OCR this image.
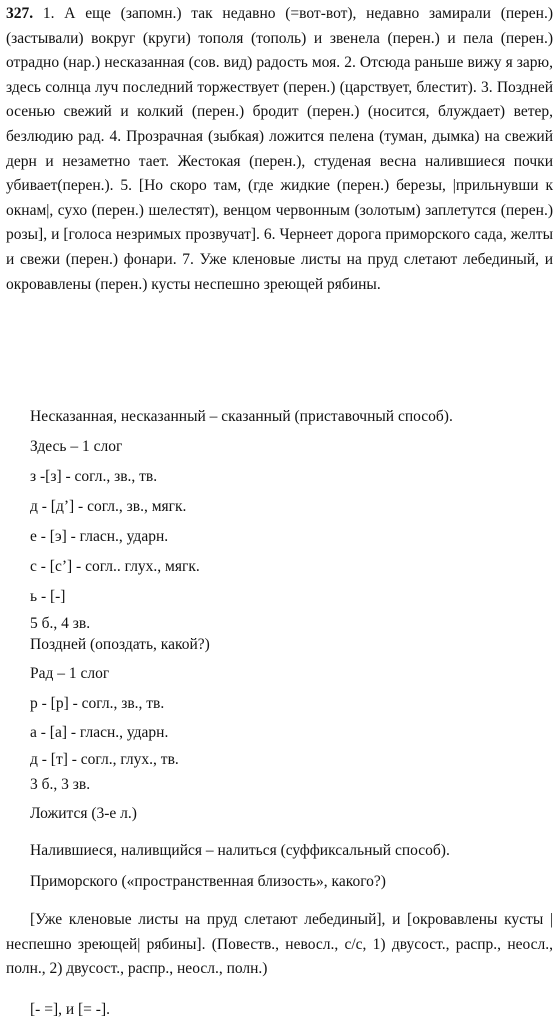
327. 1. А еще (запомн.) так недавно (=вот-вот), недавно замирали (перен.) (застывали) вокруг (круги) тополя (тополь) и звенела (перен.) и пела (перен.) отрадно (нар.) несказанная (сов. вид) радость моя. 2. Отсюда раньше вижу я зарю, здесь солнца луч последний торжествует (перен.) (царствует, блестит). 3. Поздней осенью свежий и колкий (перен.) бродит (перен.) (носится, блуждает) ветер, безлюдию рад. 4. Прозрачная (зыбкая) ложится пелена (туман, дымка) на свежий дерн и незаметно тает. Жестокая (перен.), студеная весна налившиеся почки убивает(перен.). 5. [Но скоро там, (где жидкие (перен.) березы, |прильнувши к окнам|, сухо (перен.) шелестят), венцом червонным (золотым) заплетутся (перен.) розы], и [голоса незримых прозвучат]. 6. Чернеет дорога приморского сада, желты и свежи (перен.) фонари. 7. Уже кленовые листы на пруд слетают лебединый, и окровавлены (перен.) кусты неспешно зреющей рябины.

Несказанная, несказанный – сказанный (приставочный способ).
Здесь – 1 слог
з -[з] - согл., зв., тв.
д - [д’] - согл., зв., мягк.
е - [э] - гласн., ударн.
с - [с’] - согл.. глух., мягк.
ь - [-]
5 б., 4 зв.
Поздней (опоздать, какой?)
Рад – 1 слог
р - [р] - согл., зв., тв.
а - [а] - гласн., ударн.
д - [т] - согл., глух., тв.
3 б., 3 зв.
Ложится (3-е л.)
Налившиеся, наливщийся – налиться (суффиксальный способ).
Приморского («пространственная близость», какого?)

[Уже кленовые листы на пруд слетают лебединый], и [окровавлены кусты |неспешно зреющей| рябины]. (Повеств., невосл., с/с, 1) двусост., распр., неосл., полн., 2) двусост., распр., неосл., полн.)

[- =], и [= -].
